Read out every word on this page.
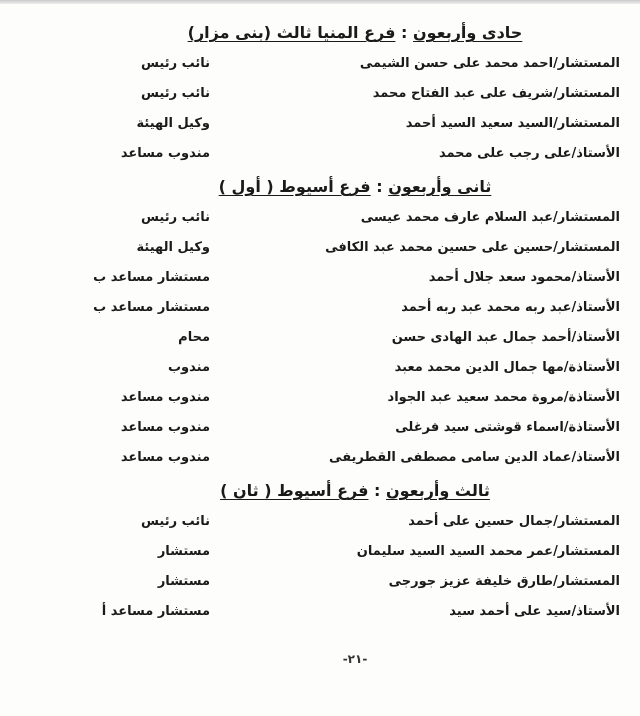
حادى وأربعون : فرع المنيا ثالث (بنى مزار)
المستشار/احمد محمد على حسن الشيمى
نائب رئيس
المستشار/شريف على عبد الفتاح محمد
نائب رئيس
المستشار/السيد سعيد السيد أحمد
وكيل الهيئة
الأستاذ/على رجب على محمد
مندوب مساعد
ثانى وأربعون : فرع أسيوط ( أول )
المستشار/عبد السلام عارف محمد عيسى
نائب رئيس
المستشار/حسين على حسين محمد عبد الكافى
وكيل الهيئة
الأستاذ/محمود سعد جلال أحمد
مستشار مساعد ب
الأستاذ/عبد ربه محمد عبد ربه أحمد
مستشار مساعد ب
الأستاذ/أحمد جمال عبد الهادى حسن
محام
الأستاذة/مها جمال الدين محمد معبد
مندوب
الأستاذة/مروة محمد سعيد عبد الجواد
مندوب مساعد
الأستاذة/اسماء قوشتى سيد فرغلى
مندوب مساعد
الأستاذ/عماد الدين سامى مصطفى القطريفى
مندوب مساعد
ثالث وأربعون : فرع أسيوط ( ثان )
المستشار/جمال حسين على أحمد
نائب رئيس
المستشار/عمر محمد السيد السيد سليمان
مستشار
المستشار/طارق خليفة عزيز جورجى
مستشار
الأستاذ/سيد على أحمد سيد
مستشار مساعد أ
-٢١-
